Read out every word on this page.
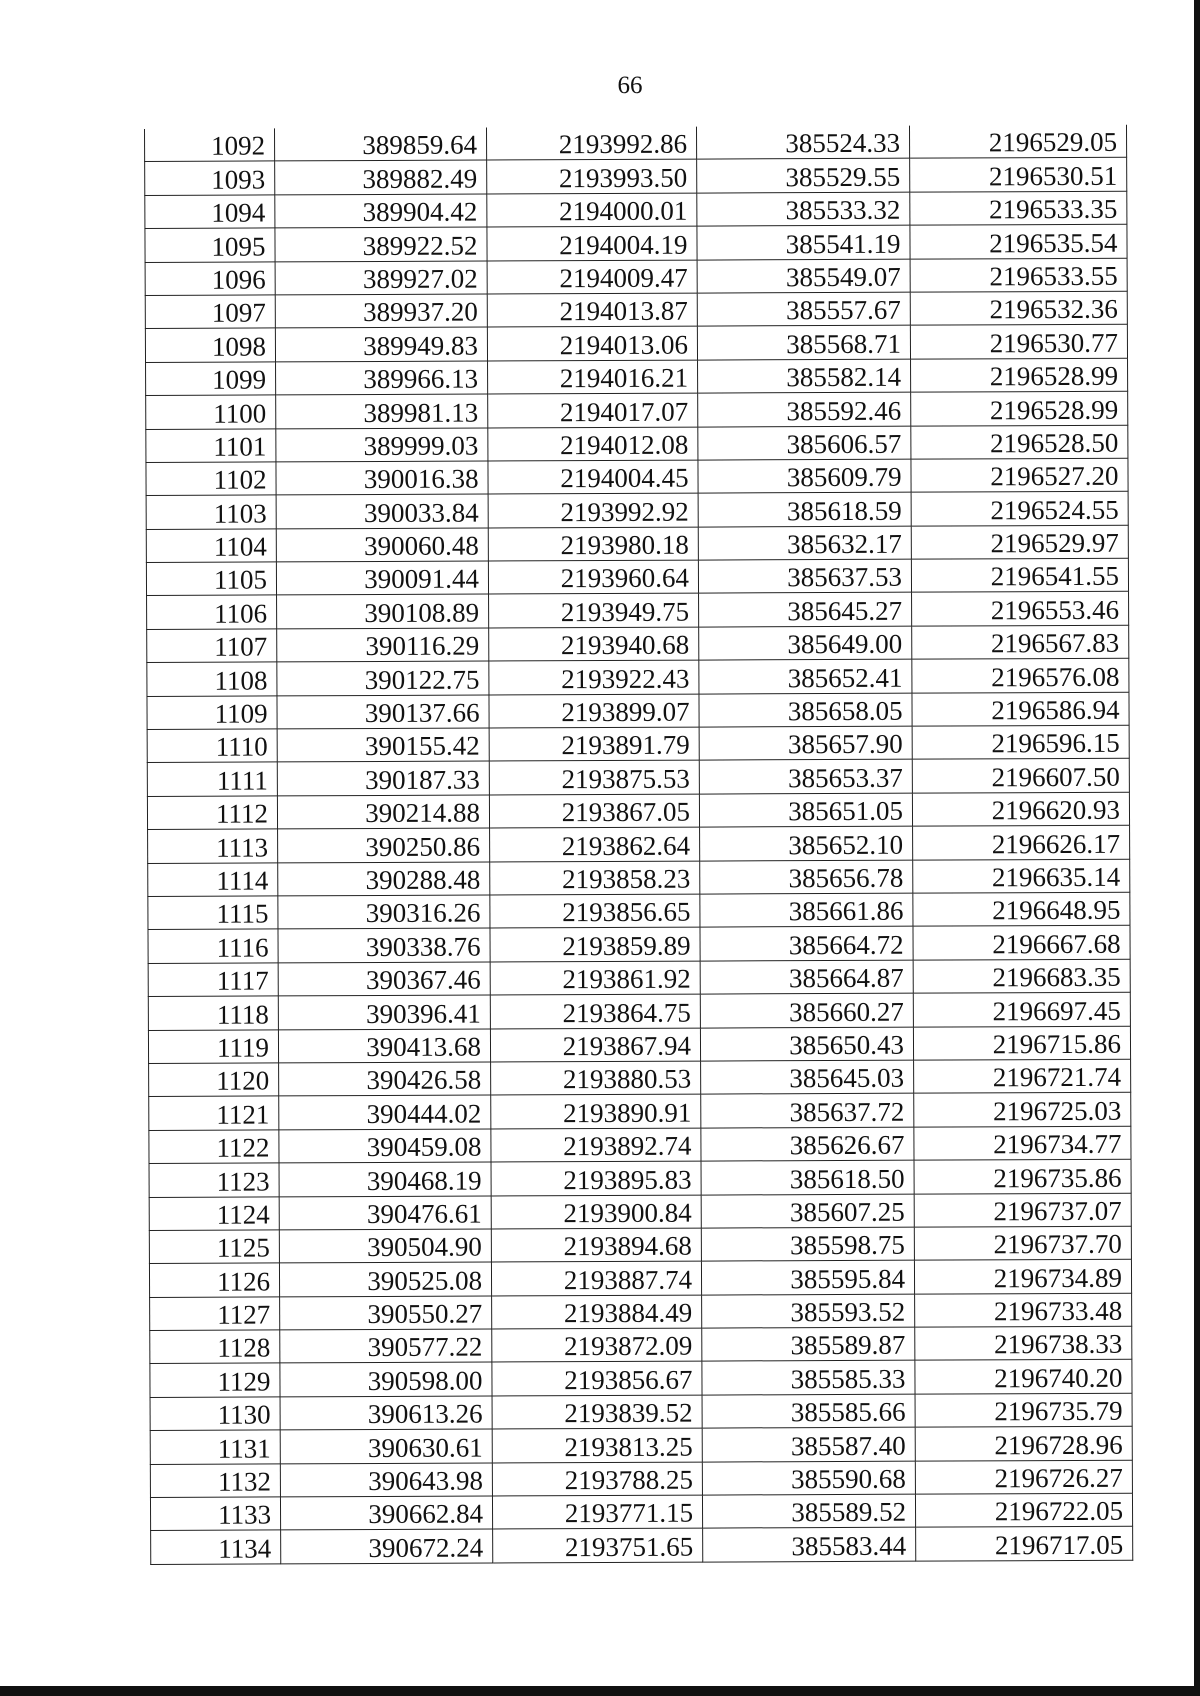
66
1092	389859.64	2193992.86	385524.33	2196529.05
1093	389882.49	2193993.50	385529.55	2196530.51
1094	389904.42	2194000.01	385533.32	2196533.35
1095	389922.52	2194004.19	385541.19	2196535.54
1096	389927.02	2194009.47	385549.07	2196533.55
1097	389937.20	2194013.87	385557.67	2196532.36
1098	389949.83	2194013.06	385568.71	2196530.77
1099	389966.13	2194016.21	385582.14	2196528.99
1100	389981.13	2194017.07	385592.46	2196528.99
1101	389999.03	2194012.08	385606.57	2196528.50
1102	390016.38	2194004.45	385609.79	2196527.20
1103	390033.84	2193992.92	385618.59	2196524.55
1104	390060.48	2193980.18	385632.17	2196529.97
1105	390091.44	2193960.64	385637.53	2196541.55
1106	390108.89	2193949.75	385645.27	2196553.46
1107	390116.29	2193940.68	385649.00	2196567.83
1108	390122.75	2193922.43	385652.41	2196576.08
1109	390137.66	2193899.07	385658.05	2196586.94
1110	390155.42	2193891.79	385657.90	2196596.15
1111	390187.33	2193875.53	385653.37	2196607.50
1112	390214.88	2193867.05	385651.05	2196620.93
1113	390250.86	2193862.64	385652.10	2196626.17
1114	390288.48	2193858.23	385656.78	2196635.14
1115	390316.26	2193856.65	385661.86	2196648.95
1116	390338.76	2193859.89	385664.72	2196667.68
1117	390367.46	2193861.92	385664.87	2196683.35
1118	390396.41	2193864.75	385660.27	2196697.45
1119	390413.68	2193867.94	385650.43	2196715.86
1120	390426.58	2193880.53	385645.03	2196721.74
1121	390444.02	2193890.91	385637.72	2196725.03
1122	390459.08	2193892.74	385626.67	2196734.77
1123	390468.19	2193895.83	385618.50	2196735.86
1124	390476.61	2193900.84	385607.25	2196737.07
1125	390504.90	2193894.68	385598.75	2196737.70
1126	390525.08	2193887.74	385595.84	2196734.89
1127	390550.27	2193884.49	385593.52	2196733.48
1128	390577.22	2193872.09	385589.87	2196738.33
1129	390598.00	2193856.67	385585.33	2196740.20
1130	390613.26	2193839.52	385585.66	2196735.79
1131	390630.61	2193813.25	385587.40	2196728.96
1132	390643.98	2193788.25	385590.68	2196726.27
1133	390662.84	2193771.15	385589.52	2196722.05
1134	390672.24	2193751.65	385583.44	2196717.05
